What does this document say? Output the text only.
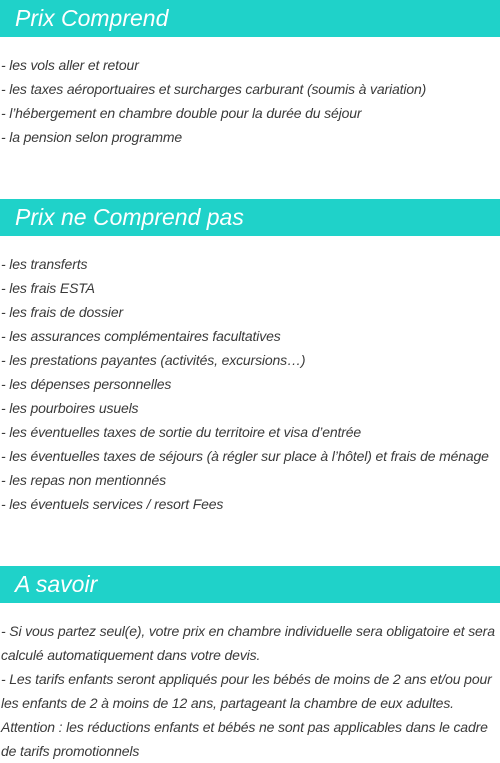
Prix Comprend
- les vols aller et retour
- les taxes aéroportuaires et surcharges carburant (soumis à variation)
- l’hébergement en chambre double pour la durée du séjour
- la pension selon programme
Prix ne Comprend pas
- les transferts
- les frais ESTA
- les frais de dossier
- les assurances complémentaires facultatives
- les prestations payantes (activités, excursions…)
- les dépenses personnelles
- les pourboires usuels
- les éventuelles taxes de sortie du territoire et visa d’entrée
- les éventuelles taxes de séjours (à régler sur place à l’hôtel) et frais de ménage
- les repas non mentionnés
- les éventuels services / resort Fees
A savoir

- Si vous partez seul(e), votre prix en chambre individuelle sera obligatoire et sera calculé automatiquement dans votre devis.

- Les tarifs enfants seront appliqués pour les bébés de moins de 2 ans et/ou pour les enfants de 2 à moins de 12 ans, partageant la chambre de eux adultes.

Attention : les réductions enfants et bébés ne sont pas applicables dans le cadre de tarifs promotionnels
